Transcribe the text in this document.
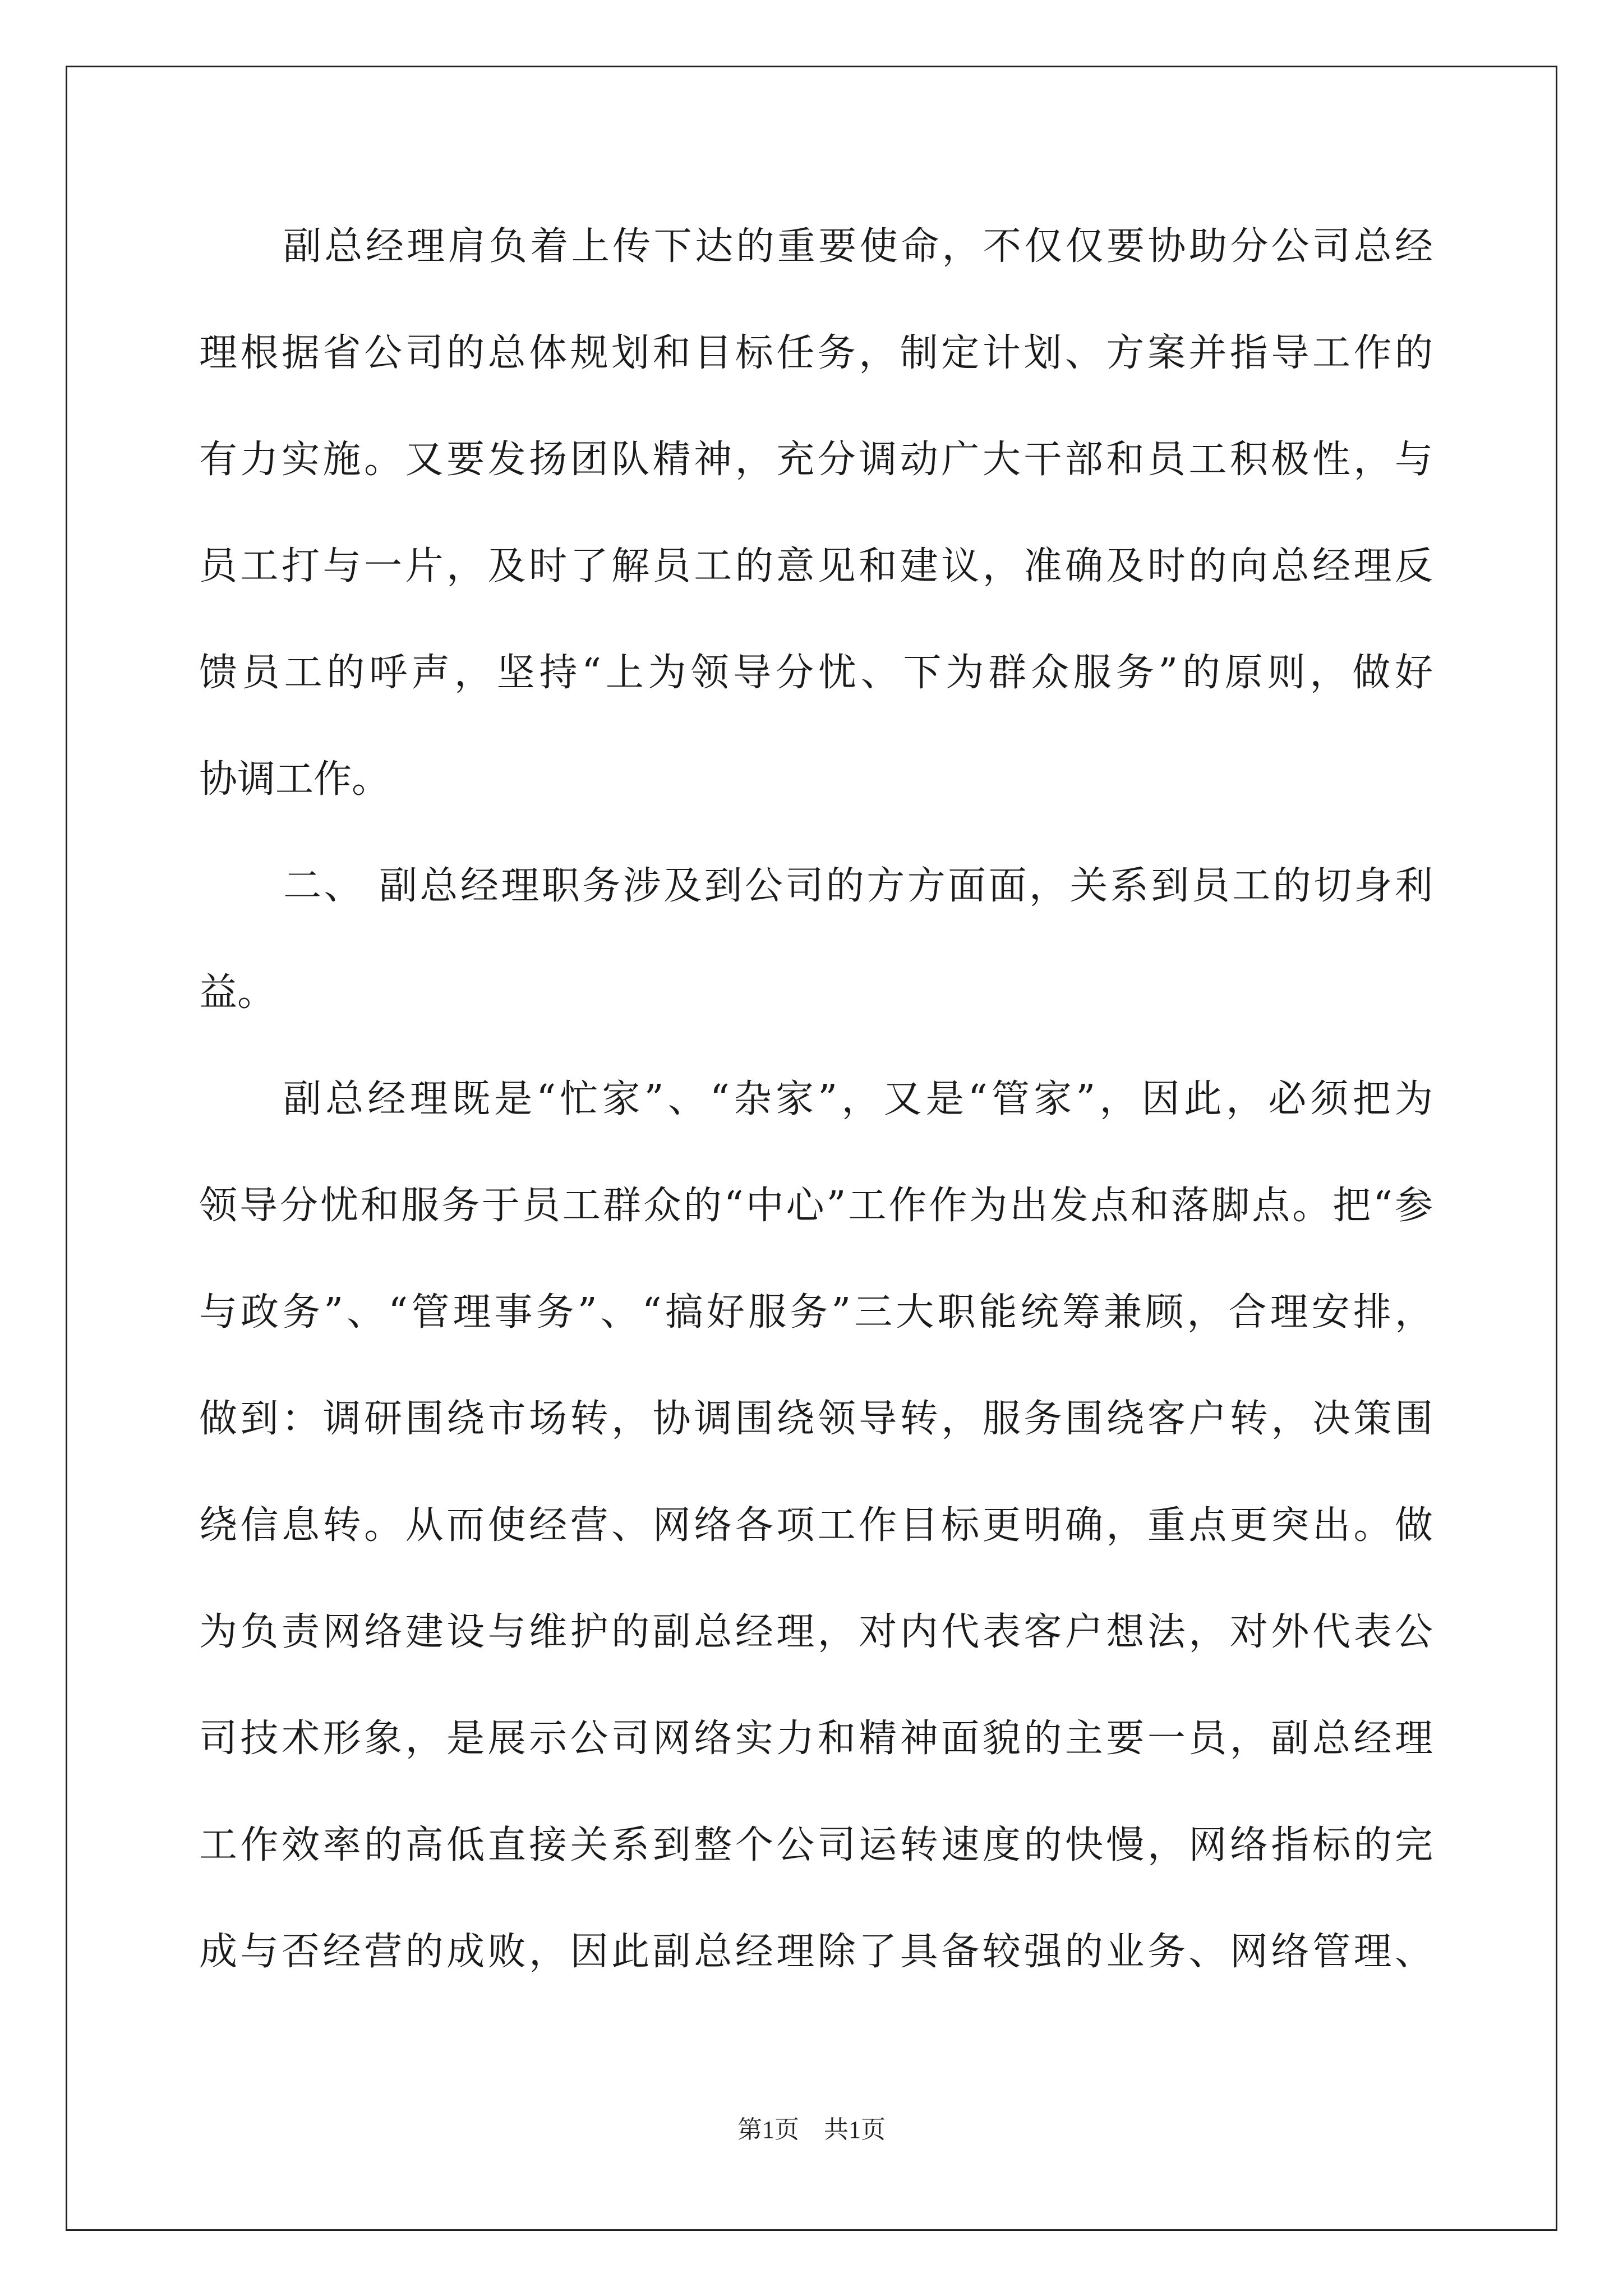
副总经理肩负着上传下达的重要使命，不仅仅要协助分公司总经
理根据省公司的总体规划和目标任务，制定计划、方案并指导工作的
有力实施。又要发扬团队精神，充分调动广大干部和员工积极性，与
员工打与一片，及时了解员工的意见和建议，准确及时的向总经理反
馈员工的呼声，坚持“上为领导分忧、下为群众服务”的原则，做好
协调工作。
二、 副总经理职务涉及到公司的方方面面，关系到员工的切身利
益。
副总经理既是“忙家”、“杂家”，又是“管家”，因此，必须把为
领导分忧和服务于员工群众的“中心”工作作为出发点和落脚点。把“参
与政务”、“管理事务”、“搞好服务”三大职能统筹兼顾，合理安排，
做到：调研围绕市场转，协调围绕领导转，服务围绕客户转，决策围
绕信息转。从而使经营、网络各项工作目标更明确，重点更突出。做
为负责网络建设与维护的副总经理，对内代表客户想法，对外代表公
司技术形象，是展示公司网络实力和精神面貌的主要一员，副总经理
工作效率的高低直接关系到整个公司运转速度的快慢，网络指标的完
成与否经营的成败，因此副总经理除了具备较强的业务、网络管理、
第1页    共1页
